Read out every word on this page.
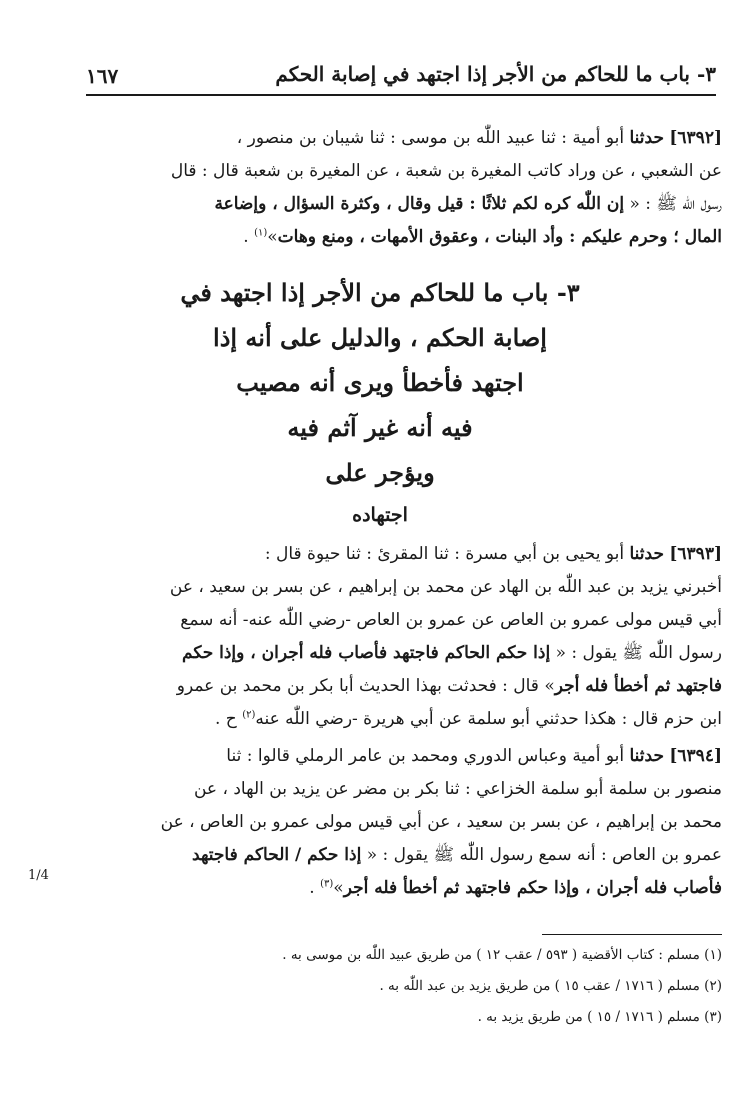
٣- باب ما للحاكم من الأجر إذا اجتهد في إصابة الحكم
١٦٧
[٦٣٩٢] حدثنا أبو أمية : ثنا عبيد اللّٰه بن موسى : ثنا شيبان بن منصور ،
عن الشعبي ، عن وراد كاتب المغيرة بن شعبة ، عن المغيرة بن شعبة قال : قال
رسول اللّٰه ﷺ : « إن اللّٰه كره لكم ثلاثًا : قيل وقال ، وكثرة السؤال ، وإضاعة
المال ؛ وحرم عليكم : وأد البنات ، وعقوق الأمهات ، ومنع وهات»$^{(١)}$ .
٣- باب ما للحاكم من الأجر إذا اجتهد في
إصابة الحكم ، والدليل على أنه إذا
اجتهد فأخطأ ويرى أنه مصيب
فيه أنه غير آثم فيه
ويؤجر على
اجتهاده
[٦٣٩٣] حدثنا أبو يحيى بن أبي مسرة : ثنا المقرئ : ثنا حيوة قال :
أخبرني يزيد بن عبد اللّٰه بن الهاد عن محمد بن إبراهيم ، عن بسر بن سعيد ، عن
أبي قيس مولى عمرو بن العاص عن عمرو بن العاص -رضي اللّٰه عنه- أنه سمع
رسول اللّٰه ﷺ يقول : « إذا حكم الحاكم فاجتهد فأصاب فله أجران ، وإذا حكم
فاجتهد ثم أخطأ فله أجر» قال : فحدثت بهذا الحديث أبا بكر بن محمد بن عمرو
ابن حزم قال : هكذا حدثني أبو سلمة عن أبي هريرة -رضي اللّٰه عنه$^{(٢)}$ ح .
[٦٣٩٤] حدثنا أبو أمية وعباس الدوري ومحمد بن عامر الرملي قالوا : ثنا
منصور بن سلمة أبو سلمة الخزاعي : ثنا بكر بن مضر عن يزيد بن الهاد ، عن
محمد بن إبراهيم ، عن بسر بن سعيد ، عن أبي قيس مولى عمرو بن العاص ، عن
عمرو بن العاص : أنه سمع رسول اللّٰه ﷺ يقول : « إذا حكم / الحاكم فاجتهد
فأصاب فله أجران ، وإذا حكم فاجتهد ثم أخطأ فله أجر»$^{(٣)}$ .
1/4
(١) مسلم : كتاب الأقضية ( ٥٩٣ / عقب ١٢ ) من طريق عبيد اللّٰه بن موسى به .
(٢) مسلم ( ١٧١٦ / عقب ١٥ ) من طريق يزيد بن عبد اللّٰه به .
(٣) مسلم ( ١٧١٦ / ١٥ ) من طريق يزيد به .
